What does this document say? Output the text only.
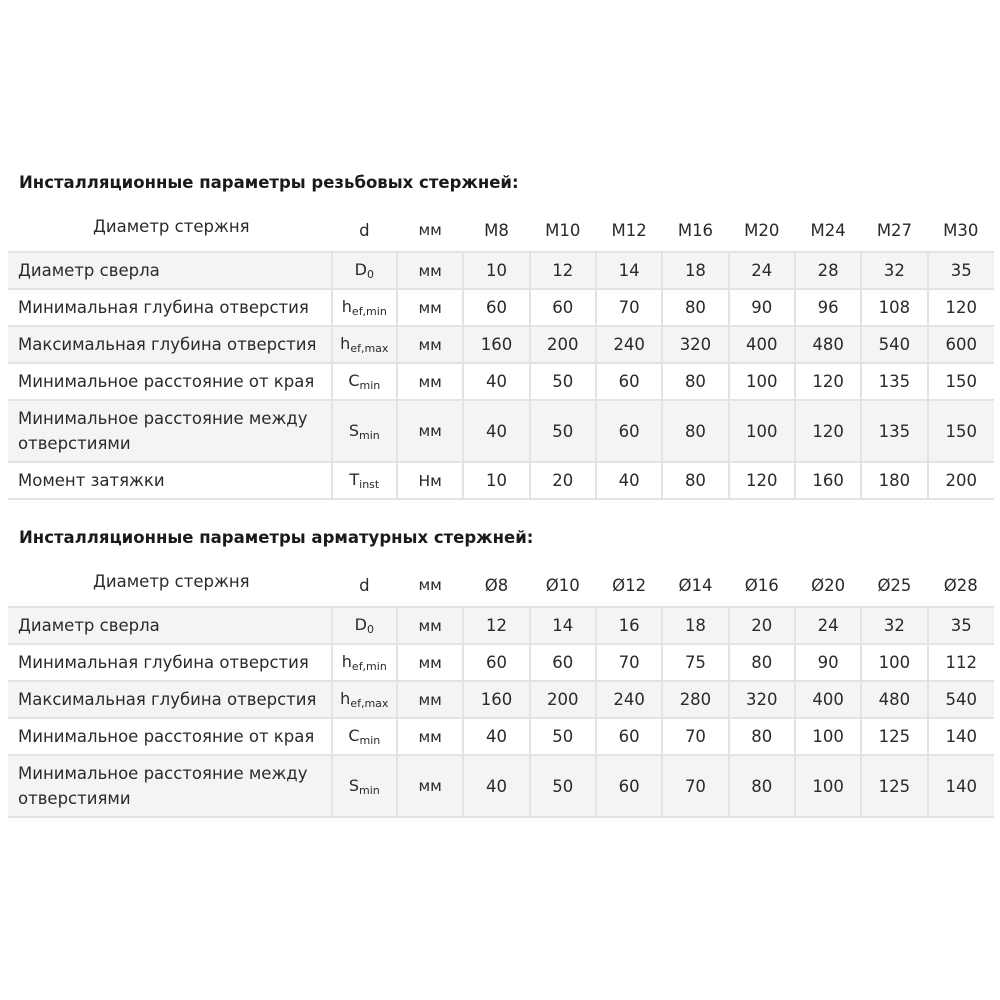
Инсталляционные параметры резьбовых стержней:
Диаметр стержня	d	мм	M8	M10	M12	M16	M20	M24	M27	M30
Диаметр сверла	$D_0$	мм	10	12	14	18	24	28	32	35
Минимальная глубина отверстия	$h_{ef,min}$	мм	60	60	70	80	90	96	108	120
Максимальная глубина отверстия	$h_{ef,max}$	мм	160	200	240	320	400	480	540	600
Минимальное расстояние от края	$C_{min}$	мм	40	50	60	80	100	120	135	150
Минимальное расстояние между отверстиями	$S_{min}$	мм	40	50	60	80	100	120	135	150
Момент затяжки	$T_{inst}$	Нм	10	20	40	80	120	160	180	200
Инсталляционные параметры арматурных стержней:
Диаметр стержня	d	мм	Ø8	Ø10	Ø12	Ø14	Ø16	Ø20	Ø25	Ø28
Диаметр сверла	$D_0$	мм	12	14	16	18	20	24	32	35
Минимальная глубина отверстия	$h_{ef,min}$	мм	60	60	70	75	80	90	100	112
Максимальная глубина отверстия	$h_{ef,max}$	мм	160	200	240	280	320	400	480	540
Минимальное расстояние от края	$C_{min}$	мм	40	50	60	70	80	100	125	140
Минимальное расстояние между отверстиями	$S_{min}$	мм	40	50	60	70	80	100	125	140
